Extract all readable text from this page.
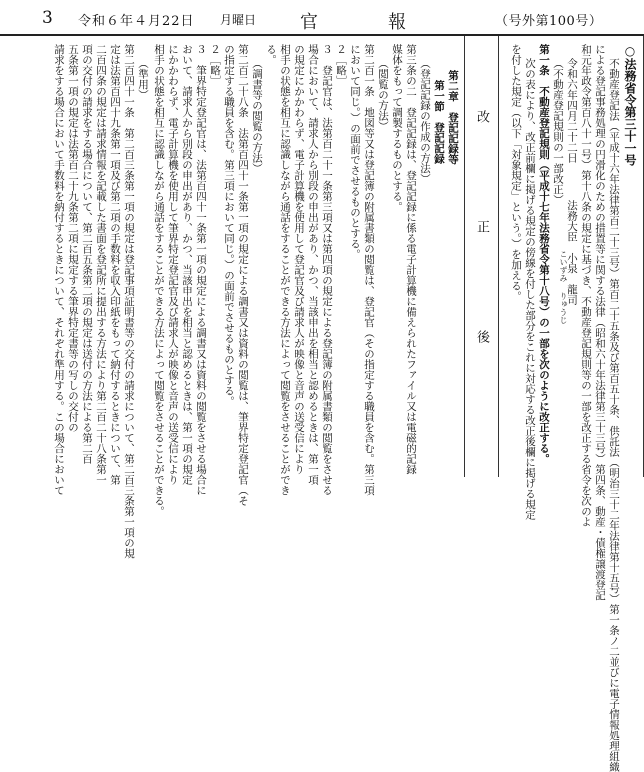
3 令和６年４月22日 月曜日 官　報	（号外第100号）
○法務省令第三十一号
不動産登記法（平成十六年法律第百二十三号）第百二十五条及び第百五十条、供託法（明治三十二年法律第十五号）第一条ノ二並びに電子情報処理組織
による登記事務処理の円滑化のための措置等に関する法律（昭和六十年法律第三十三号）第四条、動産・債権譲渡登記
和元年政令第百八十一号）第十八条の規定に基づき、不動産登記規則等の一部を改正する省令を次のよ
令和六年四月二十二日
法務大臣　小泉　龍司
こいずみ
りゅうじ
（不動産登記規則の一部改正）
第一条　不動産登記規則（平成十七年法務省令第十八号）の一部を次のように改正する。
次の表により、改正前欄に掲げる規定の傍線を付した部分をこれに対応する改正後欄に掲げる規定
を付した規定（以下「対象規定」という。）を加える。
改　正　後
第二章　登記記録等
第一節　登記記録
（登記記録の作成の方法）
第三条の二　登記記録は、登記記録に係る電子計算機に備えられたファイル又は電磁的記録
媒体をもって調製するものとする。
（閲覧の方法）
第二百一条　地図等又は登記簿の附属書類の閲覧は、登記官（その指定する職員を含む。第三項
において同じ。）の面前でさせるものとする。
２［略］
３　登記官は、法第百二十一条第三項又は第四項の規定による登記簿の附属書類の閲覧をさせる
場合において、請求人から別段の申出があり、かつ、当該申出を相当と認めるときは、第一項
の規定にかかわらず、電子計算機を使用して登記官及び請求人が映像と音声の送受信により
相手の状態を相互に認識しながら通話をすることができる方法によって閲覧をさせることができ
る。
（調書等の閲覧の方法）
第二百二十八条　法第百四十一条第一項の規定による調書又は資料の閲覧は、筆界特定登記官（そ
の指定する職員を含む。第三項において同じ。）の面前でさせるものとする。
２［略］
３　筆界特定登記官は、法第百四十一条第一項の規定による調書又は資料の閲覧をさせる場合に
おいて、請求人から別段の申出があり、かつ、当該申出を相当と認めるときは、第一項の規定
にかかわらず、電子計算機を使用して筆界特定登記官及び請求人が映像と音声の送受信により
相手の状態を相互に認識しながら通話をすることができる方法によって閲覧をさせることができる。
（準用）
第二百四十一条　第二百三条第一項の規定は登記事項証明書等の交付の請求について、第二百三条第一項の規
定は法第百四十九条第一項及び第二項の手数料を収入印紙をもって納付するときについて、第
二百四条の規定は請求情報を記載した書面を登記所に提出する方法により第二百二十八条第一
項の交付の請求をする場合について、第二百五条第二項の規定は送付の方法による第二百
五条第一項の規定は法第百二十九条第二項に規定する筆界特定書等の写しの交付の
請求をする場合において手数料を納付するときについて、それぞれ準用する。この場合において
